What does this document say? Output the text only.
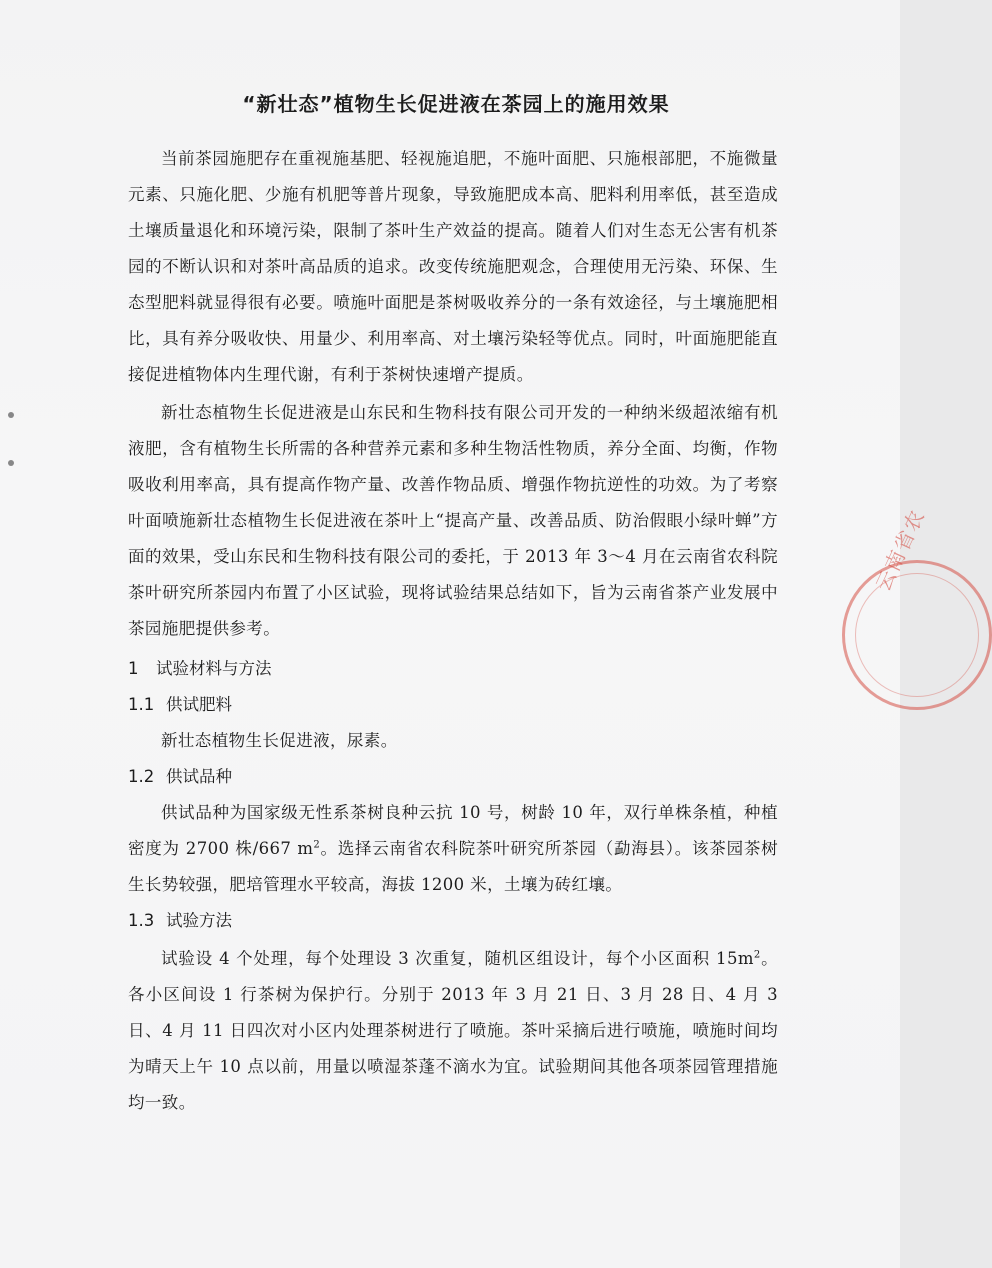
云南省农
“新壮态”植物生长促进液在茶园上的施用效果

当前茶园施肥存在重视施基肥、轻视施追肥，不施叶面肥、只施根部肥，不施微量元素、只施化肥、少施有机肥等普片现象，导致施肥成本高、肥料利用率低，甚至造成土壤质量退化和环境污染，限制了茶叶生产效益的提高。随着人们对生态无公害有机茶园的不断认识和对茶叶高品质的追求。改变传统施肥观念，合理使用无污染、环保、生态型肥料就显得很有必要。喷施叶面肥是茶树吸收养分的一条有效途径，与土壤施肥相比，具有养分吸收快、用量少、利用率高、对土壤污染轻等优点。同时，叶面施肥能直接促进植物体内生理代谢，有利于茶树快速增产提质。

新壮态植物生长促进液是山东民和生物科技有限公司开发的一种纳米级超浓缩有机液肥，含有植物生长所需的各种营养元素和多种生物活性物质，养分全面、均衡，作物吸收利用率高，具有提高作物产量、改善作物品质、增强作物抗逆性的功效。为了考察叶面喷施新壮态植物生长促进液在茶叶上“提高产量、改善品质、防治假眼小绿叶蝉”方面的效果，受山东民和生物科技有限公司的委托，于 2013 年 3～4 月在云南省农科院茶叶研究所茶园内布置了小区试验，现将试验结果总结如下，旨为云南省茶产业发展中茶园施肥提供参考。

1 试验材料与方法
1.1 供试肥料

新壮态植物生长促进液，尿素。

1.2 供试品种

供试品种为国家级无性系茶树良种云抗 10 号，树龄 10 年，双行单株条植，种植密度为 2700 株/667 $m^2$。选择云南省农科院茶叶研究所茶园（勐海县）。该茶园茶树生长势较强，肥培管理水平较高，海拔 1200 米，土壤为砖红壤。

1.3 试验方法

试验设 4 个处理，每个处理设 3 次重复，随机区组设计，每个小区面积 $15m^2$。各小区间设 1 行茶树为保护行。分别于 2013 年 3 月 21 日、3 月 28 日、4 月 3 日、4 月 11 日四次对小区内处理茶树进行了喷施。茶叶采摘后进行喷施，喷施时间均为晴天上午 10 点以前，用量以喷湿茶蓬不滴水为宜。试验期间其他各项茶园管理措施均一致。
